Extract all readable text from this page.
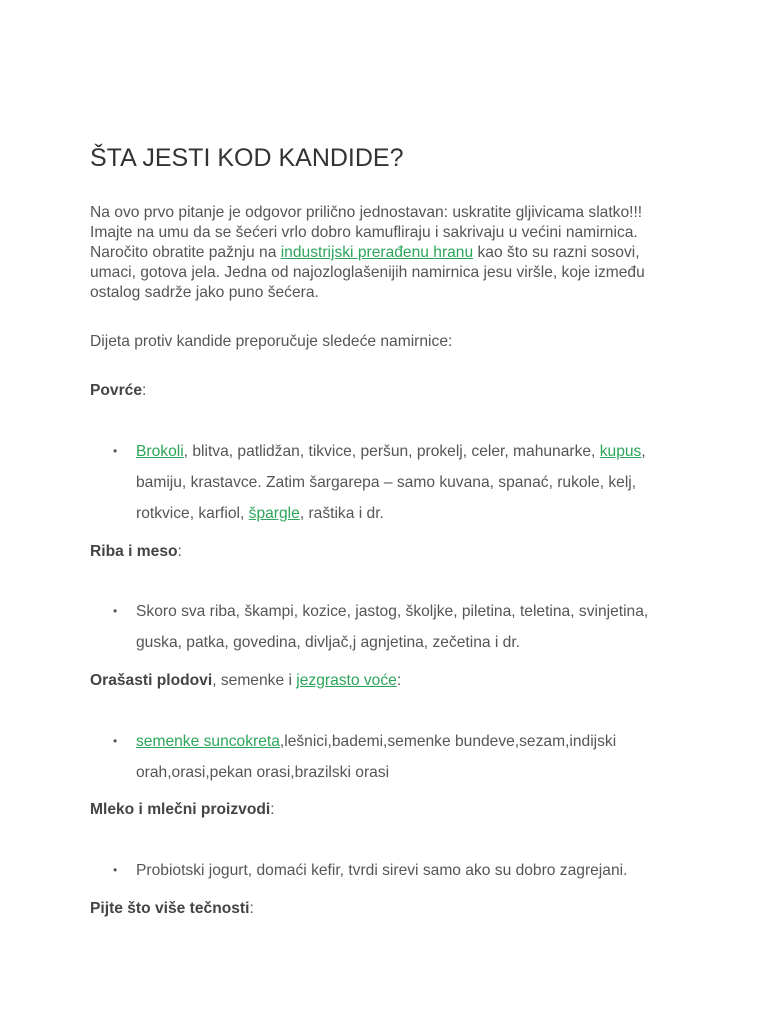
ŠTA JESTI KOD KANDIDE?

Na ovo prvo pitanje je odgovor prilično jednostavan: uskratite gljivicama slatko!!! Imajte na umu da se šećeri vrlo dobro kamufliraju i sakrivaju u većini namirnica. Naročito obratite pažnju na industrijski prerađenu hranu kao što su razni sosovi, umaci, gotova jela. Jedna od najozloglašenijih namirnica jesu viršle, koje između ostalog sadrže jako puno šećera.

Dijeta protiv kandide preporučuje sledeće namirnice:

Povrće:

• Brokoli, blitva, patlidžan, tikvice, peršun, prokelj, celer, mahunarke, kupus, bamiju, krastavce. Zatim šargarepa – samo kuvana, spanać, rukole, kelj, rotkvice, karfiol, špargle, raštika i dr.

Riba i meso:

• Skoro sva riba, škampi, kozice, jastog, školjke, piletina, teletina, svinjetina, guska, patka, govedina, divljač,j agnjetina, zečetina i dr.

Orašasti plodovi, semenke i jezgrasto voće:

• semenke suncokreta,lešnici,bademi,semenke bundeve,sezam,indijski orah,orasi,pekan orasi,brazilski orasi

Mleko i mlečni proizvodi:

• Probiotski jogurt, domaći kefir, tvrdi sirevi samo ako su dobro zagrejani.

Pijte što više tečnosti:
